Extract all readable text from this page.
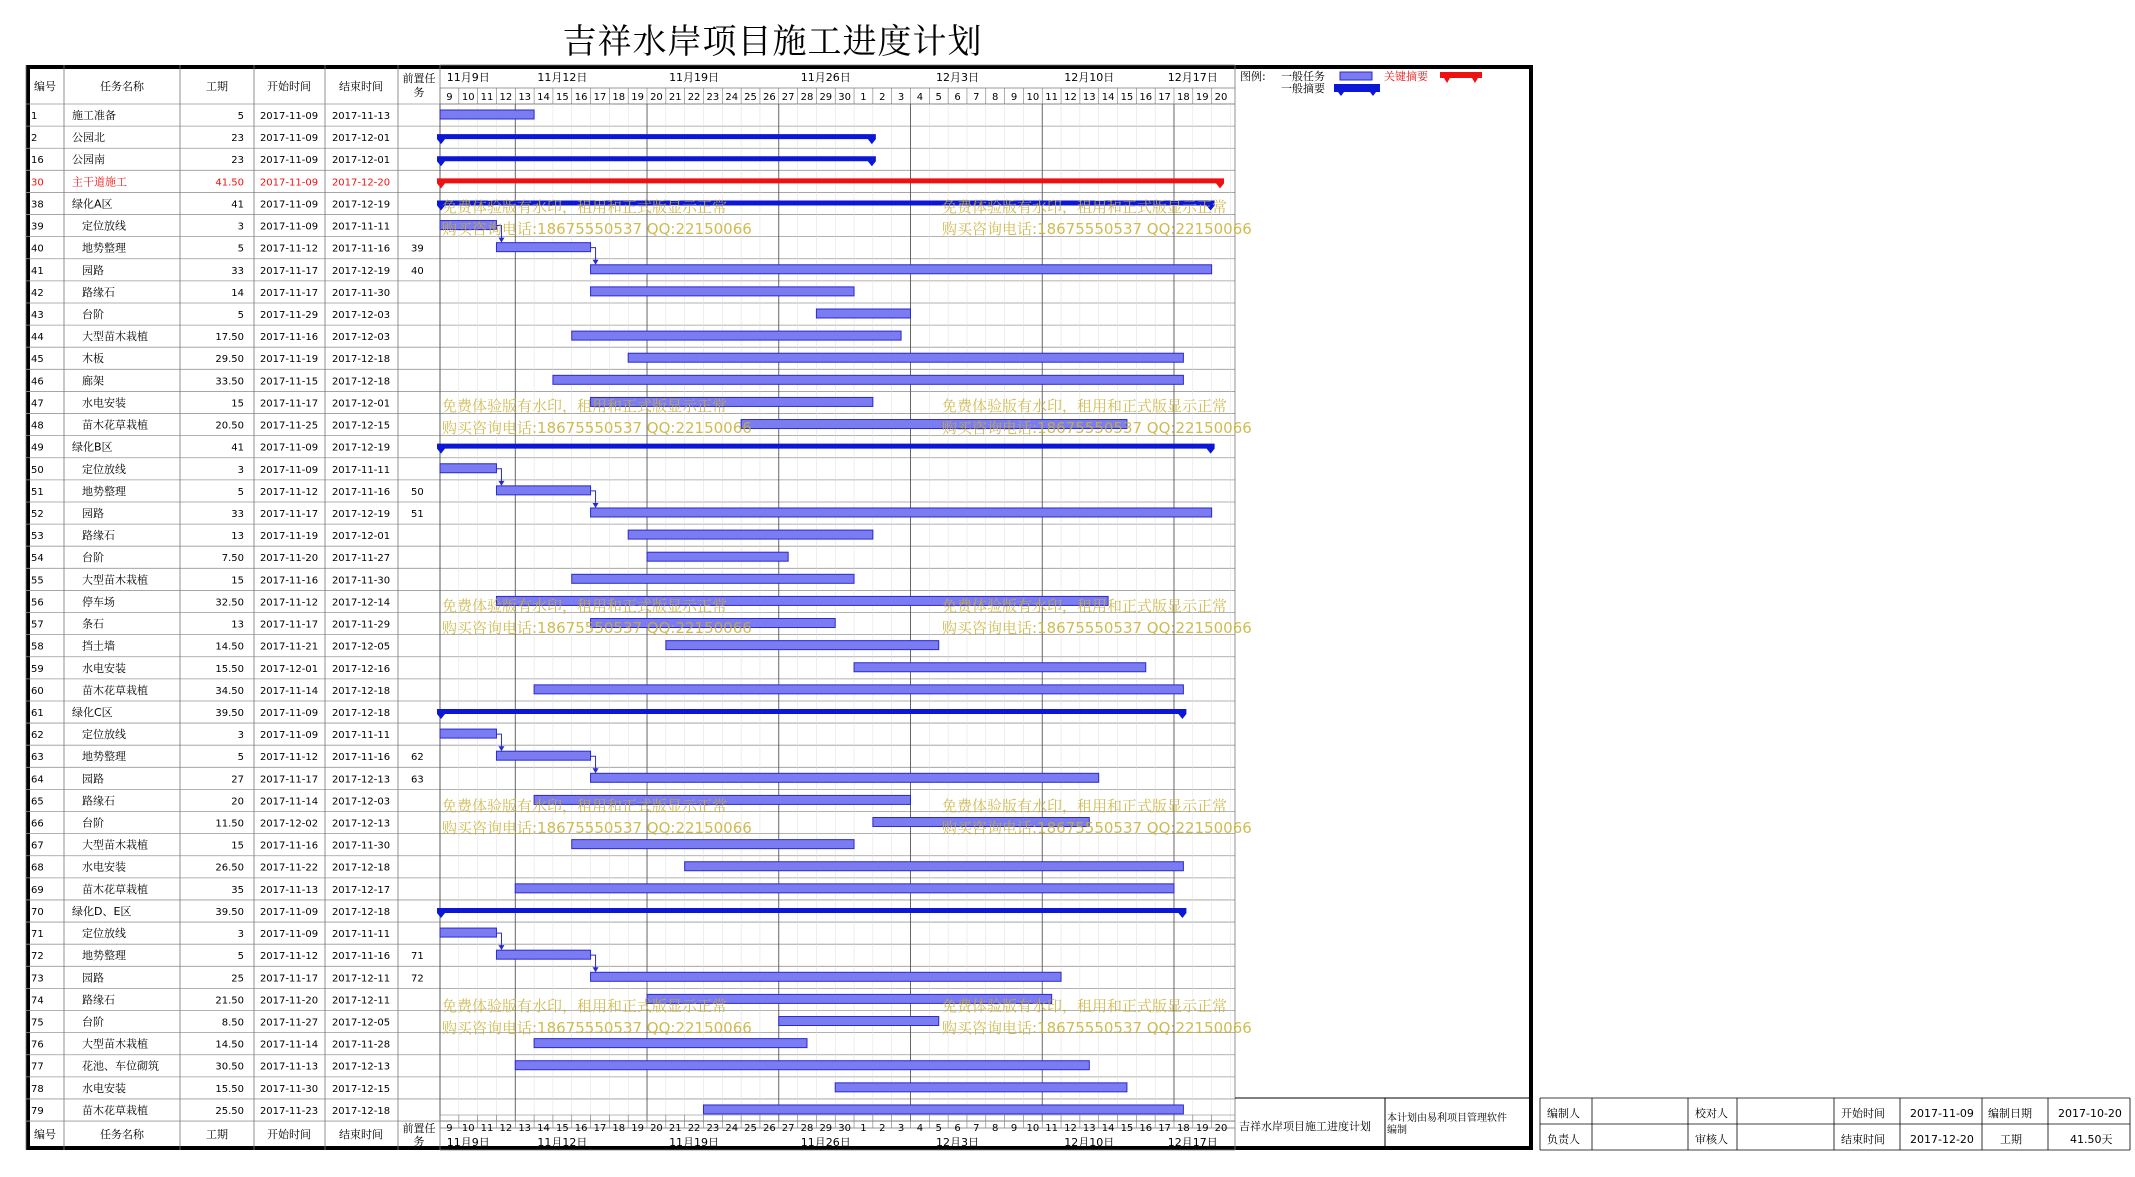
吉祥水岸项目施工进度计划
编号	任务名称	工期	开始时间	结束时间
编号	任务名称	工期	开始时间	结束时间
前置任
务
前置任
务
11月9日
11月9日
11月12日
11月12日
11月19日
11月19日
11月26日
11月26日
12月3日
12月3日
12月10日
12月10日
12月17日
12月17日
9
9
10
10
11
11
12
12
13
13
14
14
15
15
16
16
17
17
18
18
19
19
20
20
21
21
22
22
23
23
24
24
25
25
26
26
27
27
28
28
29
29
30
30
1
1
2
2
3
3
4
4
5
5
6
6
7
7
8
8
9
9
10
10
11
11
12
12
13
13
14
14
15
15
16
16
17
17
18
18
19
19
20
20
1	施工准备	5 2017-11-09 2017-11-13
2	公园北	23 2017-11-09 2017-12-01
16	公园南	23 2017-11-09 2017-12-01
30	主干道施工	41.50 2017-11-09 2017-12-20
38	绿化A区	41 2017-11-09 2017-12-19
39	定位放线	3 2017-11-09 2017-11-11
40	地势整理	5 2017-11-12 2017-11-16 39
41	园路	33 2017-11-17 2017-12-19 40
42	路缘石	14 2017-11-17 2017-11-30
43	台阶	5 2017-11-29 2017-12-03
44	大型苗木栽植	17.50 2017-11-16 2017-12-03
45	木板	29.50 2017-11-19 2017-12-18
46	廊架	33.50 2017-11-15 2017-12-18
47	水电安装	15 2017-11-17 2017-12-01
48	苗木花草栽植	20.50 2017-11-25 2017-12-15
49	绿化B区	41 2017-11-09 2017-12-19
50	定位放线	3 2017-11-09 2017-11-11
51	地势整理	5 2017-11-12 2017-11-16 50
52	园路	33 2017-11-17 2017-12-19 51
53	路缘石	13 2017-11-19 2017-12-01
54	台阶	7.50 2017-11-20 2017-11-27
55	大型苗木栽植	15 2017-11-16 2017-11-30
56	停车场	32.50 2017-11-12 2017-12-14
57	条石	13 2017-11-17 2017-11-29
58	挡土墙	14.50 2017-11-21 2017-12-05
59	水电安装	15.50 2017-12-01 2017-12-16
60	苗木花草栽植	34.50 2017-11-14 2017-12-18
61	绿化C区	39.50 2017-11-09 2017-12-18
62	定位放线	3 2017-11-09 2017-11-11
63	地势整理	5 2017-11-12 2017-11-16 62
64	园路	27 2017-11-17 2017-12-13 63
65	路缘石	20 2017-11-14 2017-12-03
66	台阶	11.50 2017-12-02 2017-12-13
67	大型苗木栽植	15 2017-11-16 2017-11-30
68	水电安装	26.50 2017-11-22 2017-12-18
69	苗木花草栽植	35 2017-11-13 2017-12-17
70	绿化D、E区	39.50 2017-11-09 2017-12-18
71	定位放线	3 2017-11-09 2017-11-11
72	地势整理	5 2017-11-12 2017-11-16 71
73	园路	25 2017-11-17 2017-12-11 72
74	路缘石	21.50 2017-11-20 2017-12-11
75	台阶	8.50 2017-11-27 2017-12-05
76	大型苗木栽植	14.50 2017-11-14 2017-11-28
77	花池、车位砌筑	30.50 2017-11-13 2017-12-13
78	水电安装	15.50 2017-11-30 2017-12-15
79	苗木花草栽植	25.50 2017-11-23 2017-12-18
图例: 一般任务
一般摘要
关键摘要
吉祥水岸项目施工进度计划
本计划由易利项目管理软件 编制
编制人	校对人	开始时间 2017-11-09 编制日期 2017-10-20
负责人	审核人	结束时间 2017-12-20 工期	41.50天
免费体验版有水印，租用和正式版显示正常
购买咨询电话:18675550537 QQ:22150066
免费体验版有水印，租用和正式版显示正常
购买咨询电话:18675550537 QQ:22150066
免费体验版有水印，租用和正式版显示正常
购买咨询电话:18675550537 QQ:22150066
免费体验版有水印，租用和正式版显示正常
购买咨询电话:18675550537 QQ:22150066
免费体验版有水印，租用和正式版显示正常
购买咨询电话:18675550537 QQ:22150066
免费体验版有水印，租用和正式版显示正常
购买咨询电话:18675550537 QQ:22150066
免费体验版有水印，租用和正式版显示正常
购买咨询电话:18675550537 QQ:22150066
免费体验版有水印，租用和正式版显示正常
购买咨询电话:18675550537 QQ:22150066
免费体验版有水印，租用和正式版显示正常
购买咨询电话:18675550537 QQ:22150066
免费体验版有水印，租用和正式版显示正常
购买咨询电话:18675550537 QQ:22150066
